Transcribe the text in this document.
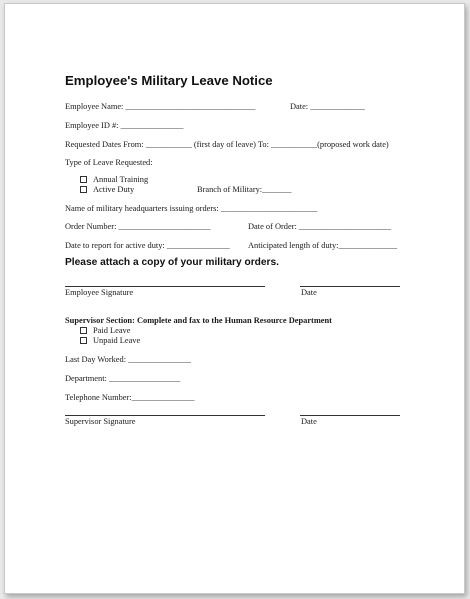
Employee's Military Leave Notice
Employee Name: _______________________________	Date: _____________
Employee ID #: _______________
Requested Dates From: ___________ (first day of leave) To: ___________(proposed work date)
Type of Leave Requested:
Annual Training
Active Duty	Branch of Military:_______
Name of military headquarters issuing orders: _______________________
Order Number: ______________________	Date of Order: ______________________
Date to report for active duty: _______________ Anticipated length of duty:______________
Please attach a copy of your military orders.
Employee Signature	Date
Supervisor Section: Complete and fax to the Human Resource Department
Paid Leave
Unpaid Leave
Last Day Worked: _______________
Department: _________________
Telephone Number:_______________
Supervisor Signature	Date
